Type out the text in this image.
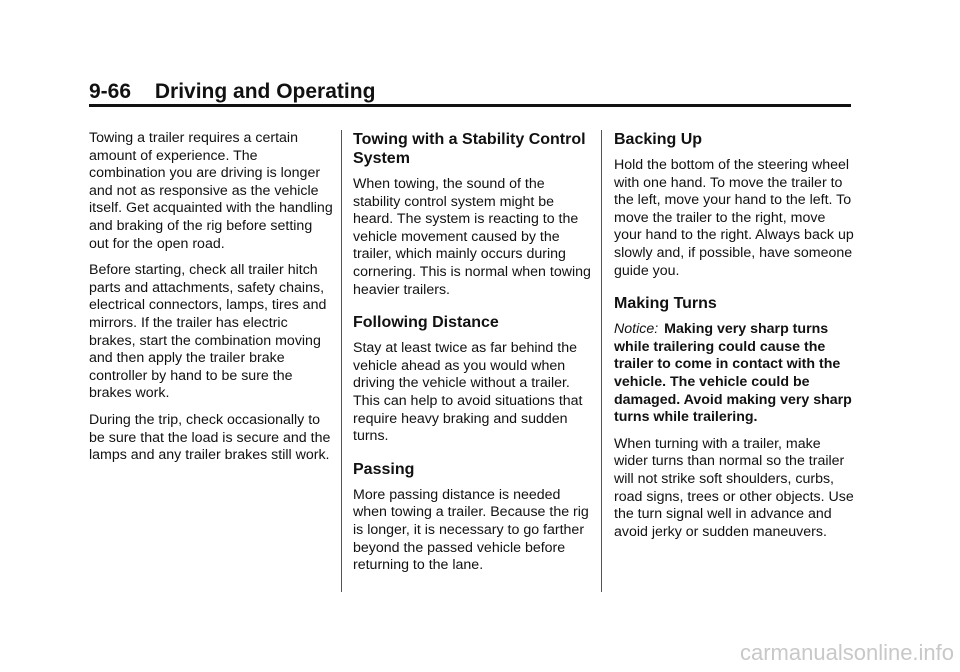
9-66 Driving and Operating

Towing a trailer requires a certain amount of experience. The combination you are driving is longer and not as responsive as the vehicle itself. Get acquainted with the handling and braking of the rig before setting out for the open road.

Before starting, check all trailer hitch parts and attachments, safety chains, electrical connectors, lamps, tires and mirrors. If the trailer has electric brakes, start the combination moving and then apply the trailer brake controller by hand to be sure the brakes work.

During the trip, check occasionally to be sure that the load is secure and the lamps and any trailer brakes still work.

Towing with a Stability Control System

When towing, the sound of the stability control system might be heard. The system is reacting to the vehicle movement caused by the trailer, which mainly occurs during cornering. This is normal when towing heavier trailers.

Following Distance

Stay at least twice as far behind the vehicle ahead as you would when driving the vehicle without a trailer. This can help to avoid situations that require heavy braking and sudden turns.

Passing

More passing distance is needed when towing a trailer. Because the rig is longer, it is necessary to go farther beyond the passed vehicle before returning to the lane.

Backing Up

Hold the bottom of the steering wheel with one hand. To move the trailer to the left, move your hand to the left. To move the trailer to the right, move your hand to the right. Always back up slowly and, if possible, have someone guide you.

Making Turns

Notice: Making very sharp turns while trailering could cause the trailer to come in contact with the vehicle. The vehicle could be damaged. Avoid making very sharp turns while trailering.

When turning with a trailer, make wider turns than normal so the trailer will not strike soft shoulders, curbs, road signs, trees or other objects. Use the turn signal well in advance and avoid jerky or sudden maneuvers.

carmanualsonline.info
